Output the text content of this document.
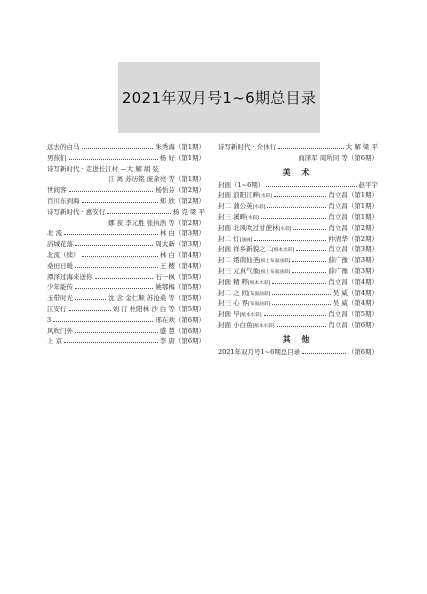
2021年双月号1~6期总目录
远去的白马	朱秀海（第1期）
男孩们	杨 好（第1期）
诗写新时代 · 走进长江村 —大 解 胡 弦
江 离 苏历铭 庞余亮 等（第1期）
世间客	杨怡芬（第2期）
百川东到海	郑 欣（第2期）
诗写新时代 · 惠安行	杨 克 梁 平
娜 夜 李元胜 张执浩 等（第2期）
北 流	林 白（第3期）
浴城花落	周大新（第3期）
北流（续）	林 白（第4期）
桑田日暖	王 樱（第4期）
潭泽过海来送你	石一枫（第5期）
少年能传	姚鄂梅（第5期）
玉带时光	沈 念 金仁顺 苏沧桑 等（第5期）
江安行	刘 汀 杜阳林 沙 白 等（第5期）
3	邢在欢（第6期）
风吹门外	盛 慧（第6期）
上 京	李 唐（第6期）
诗写新时代 · 介休行	大 解 梁 平
商泽军 周所同 等（第6期）
美 术
封面（1~6期）	赵平宇
封面 浪阳江畔[水彩]	肖立昌（第1期）
封二 蒲公英[水彩]	肖立昌（第1期）
封三 溪畔[水彩]	肖立昌（第1期）
封面 北风吹过甘蔗林[水彩]	肖立昌（第2期）
封二 灯[油画]	仲清华（第2期）
封面 祥乡新貌之二[纸本水彩]	肖立昌（第3期）
封二 缙南仙圣[纸上布面油彩]	薛广豫（第3期）
封三 元真气象[纸上布面油彩]	薛广豫（第3期）
封面 精 粹[纸本水彩]	肖立昌（第4期）
封二 之 间[布面油彩]	吴 威（第4期）
封三 心 界[布面油彩]	吴 威（第4期）
封面 早[纸本水彩]	肖立昌（第5期）
封面 小白鱼[纸本水彩]	肖立昌（第6期）
其 他
2021年双月号1~6期总目录	（第6期）
